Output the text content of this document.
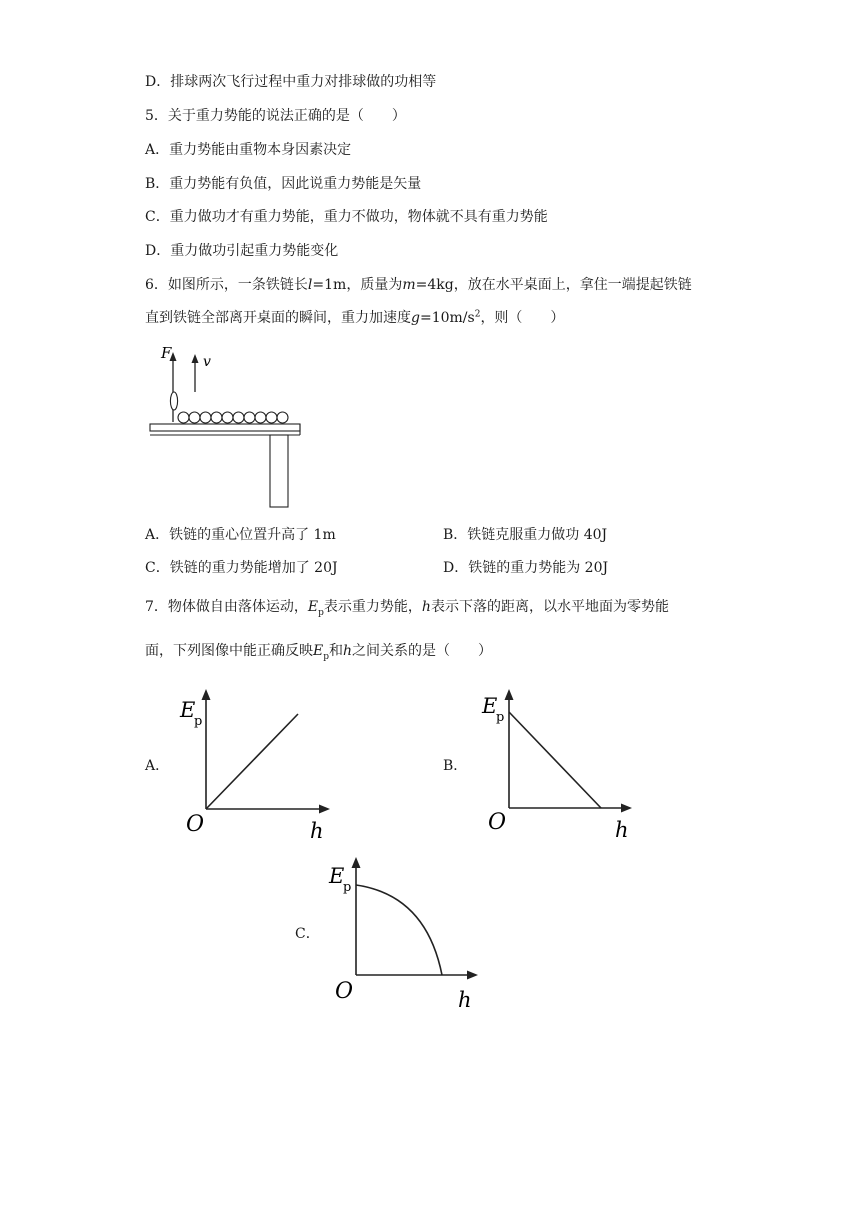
D．排球两次飞行过程中重力对排球做的功相等
5．关于重力势能的说法正确的是（　　）
A．重力势能由重物本身因素决定
B．重力势能有负值，因此说重力势能是矢量
C．重力做功才有重力势能，重力不做功，物体就不具有重力势能
D．重力做功引起重力势能变化
6．如图所示，一条铁链长l=1m，质量为m=4kg，放在水平桌面上，拿住一端提起铁链
直到铁链全部离开桌面的瞬间，重力加速度$g=10m/s^2$，则（　　）
F v
A．铁链的重心位置升高了 1m	B．铁链克服重力做功 40J
C．铁链的重力势能增加了 20J	D．铁链的重力势能为 20J
7．物体做自由落体运动，$E_p$表示重力势能，h表示下落的距离，以水平地面为零势能
面，下列图像中能正确反映$E_p$和h之间关系的是（　　）
A．
E
p
O	h
B．
E
p
O	h
C．
E
p
O	h
